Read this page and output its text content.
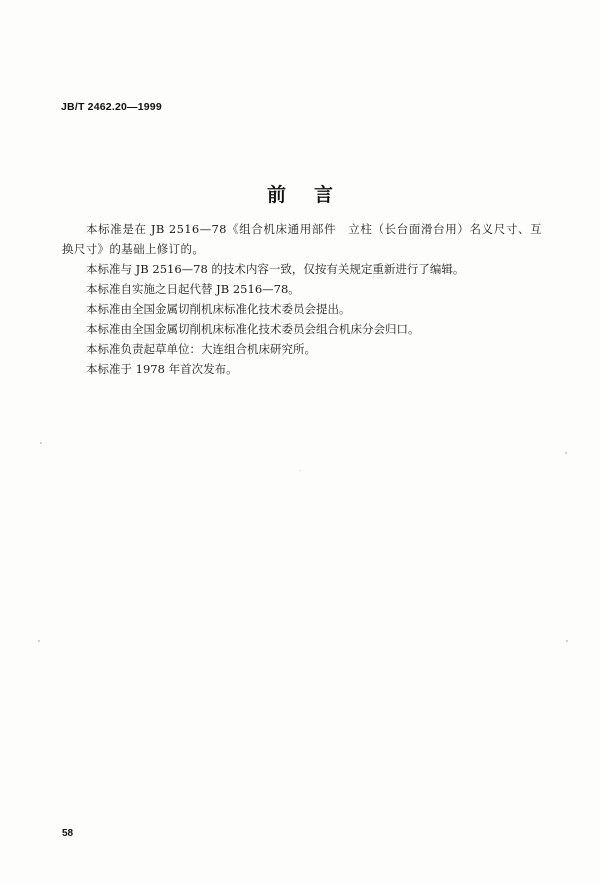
JB/T 2462.20—1999
前言

本标准是在 JB 2516—78《组合机床通用部件　立柱（长台面滑台用）名义尺寸、互换尺寸》的基础上修订的。

本标准与 JB 2516—78 的技术内容一致，仅按有关规定重新进行了编辑。

本标准自实施之日起代替 JB 2516—78。

本标准由全国金属切削机床标准化技术委员会提出。

本标准由全国金属切削机床标准化技术委员会组合机床分会归口。

本标准负责起草单位：大连组合机床研究所。

本标准于 1978 年首次发布。

58
